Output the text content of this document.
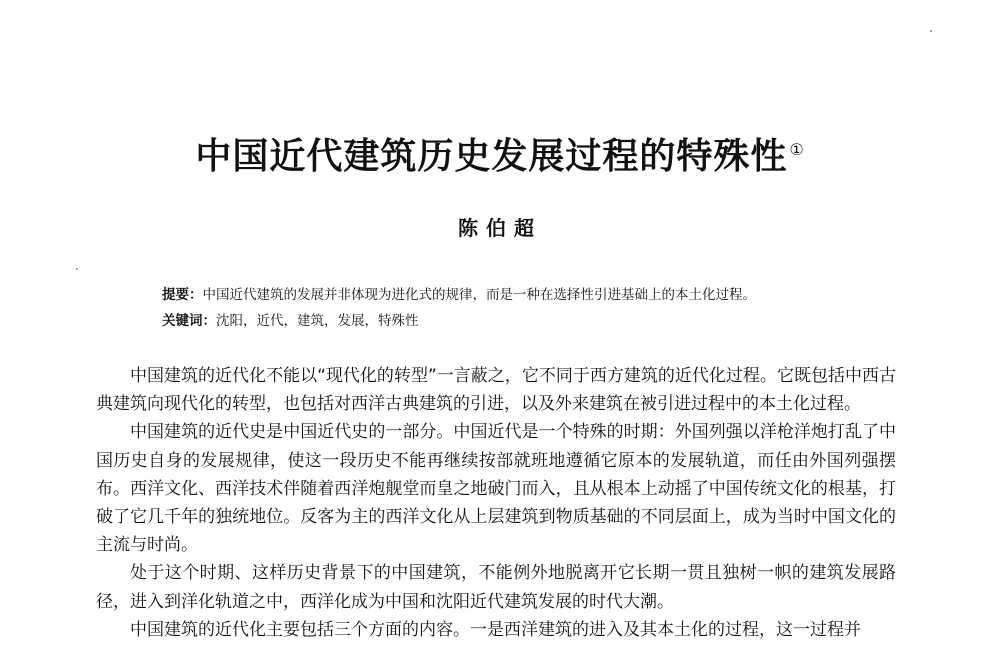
中国近代建筑历史发展过程的特殊性 ①
陈伯超
提要：中国近代建筑的发展并非体现为进化式的规律，而是一种在选择性引进基础上的本土化过程。
关键词：沈阳，近代，建筑，发展，特殊性

中国建筑的近代化不能以“现代化的转型”一言蔽之，它不同于西方建筑的近代化过程。它既包括中西古典建筑向现代化的转型，也包括对西洋古典建筑的引进，以及外来建筑在被引进过程中的本土化过程。

中国建筑的近代史是中国近代史的一部分。中国近代是一个特殊的时期：外国列强以洋枪洋炮打乱了中国历史自身的发展规律，使这一段历史不能再继续按部就班地遵循它原本的发展轨道，而任由外国列强摆布。西洋文化、西洋技术伴随着西洋炮舰堂而皇之地破门而入，且从根本上动摇了中国传统文化的根基，打破了它几千年的独统地位。反客为主的西洋文化从上层建筑到物质基础的不同层面上，成为当时中国文化的主流与时尚。

处于这个时期、这样历史背景下的中国建筑，不能例外地脱离开它长期一贯且独树一帜的建筑发展路径，进入到洋化轨道之中，西洋化成为中国和沈阳近代建筑发展的时代大潮。

中国建筑的近代化主要包括三个方面的内容。一是西洋建筑的进入及其本土化的过程，这一过程并
